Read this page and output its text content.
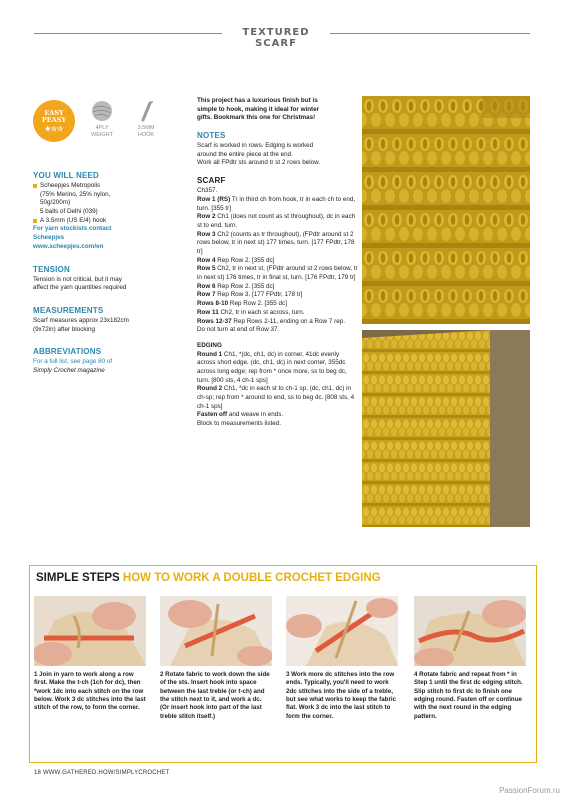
TEXTURED SCARF
EASY
PEASY
★☆☆	4PLY
WEIGHT
3.5MM
HOOK
YOU WILL NEED
Scheepjes Metropolis
(75% Merino, 25% nylon,
50g/200m)
5 balls of Delhi (039)
A 3.5mm (US E/4) hook
For yarn stockists contact
Scheepjes
www.scheepjes.com/en
TENSION
Tension is not critical, but it may
affect the yarn quantities required
MEASUREMENTS
Scarf measures approx 23x182cm
(9x72in) after blocking
ABBREVIATIONS
For a full list, see page 80 of
Simply Crochet magazine
This project has a luxurious finish but is
simple to hook, making it ideal for winter
gifts. Bookmark this one for Christmas!
NOTES
Scarf is worked in rows. Edging is worked
around the entire piece at the end.
Work all FPdtr sts around tr st 2 rows below.
SCARF
Ch357.
Row 1 (RS) Tr in third ch from hook, tr in each ch to end, turn. [355 tr]
Row 2 Ch1 (does not count as st throughout), dc in each st to end, turn.
Row 3 Ch2 (counts as tr throughout), (FPdtr around st 2 rows below, tr in next st) 177 times, turn. [177 FPdtr, 178 tr]
Row 4 Rep Row 2. [355 dc]
Row 5 Ch2, tr in next st, (FPdtr around st 2 rows below, tr in next st) 176 times, tr in final st, turn. [176 FPdtr, 179 tr]
Row 6 Rep Row 2. [355 dc]
Row 7 Rep Row 3. [177 FPdtr, 178 tr]
Rows 8-10 Rep Row 2. [355 dc]
Row 11 Ch2, tr in each st across, turn.
Rows 12-37 Rep Rows 2-11, ending on a Row 7 rep.
Do not turn at end of Row 37.
EDGING
Round 1 Ch1, *(dc, ch1, dc) in corner, 41dc evenly across short edge, (dc, ch1, dc) in next corner, 355dc across long edge; rep from * once more, ss to beg dc, turn. [800 sts, 4 ch-1 sps]
Round 2 Ch1, *dc in each st to ch-1 sp, (dc, ch1, dc) in ch-sp; rep from * around to end, ss to beg dc. [808 sts, 4 ch-1 sps]
Fasten off and weave in ends.
Block to measurements listed.
SIMPLE STEPS HOW TO WORK A DOUBLE CROCHET EDGING
1 Join in yarn to work along a row first. Make the t-ch (1ch for dc), then *work 1dc into each stitch on the row below. Work 3 dc stitches into the last stitch of the row, to form the corner.
2 Rotate fabric to work down the side of the sts. Insert hook into space between the last treble (or t-ch) and the stitch next to it, and work a dc. (Or insert hook into part of the last treble stitch itself.)
3 Work more dc stitches into the row ends. Typically, you'll need to work 2dc stitches into the side of a treble, but see what works to keep the fabric flat. Work 3 dc into the last stitch to form the corner.
4 Rotate fabric and repeat from * in Step 1 until the first dc edging stitch. Slip stitch to first dc to finish one edging round. Fasten off or continue with the next round in the edging pattern.
18 WWW.GATHERED.HOW/SIMPLYCROCHET
PassionForum.ru
